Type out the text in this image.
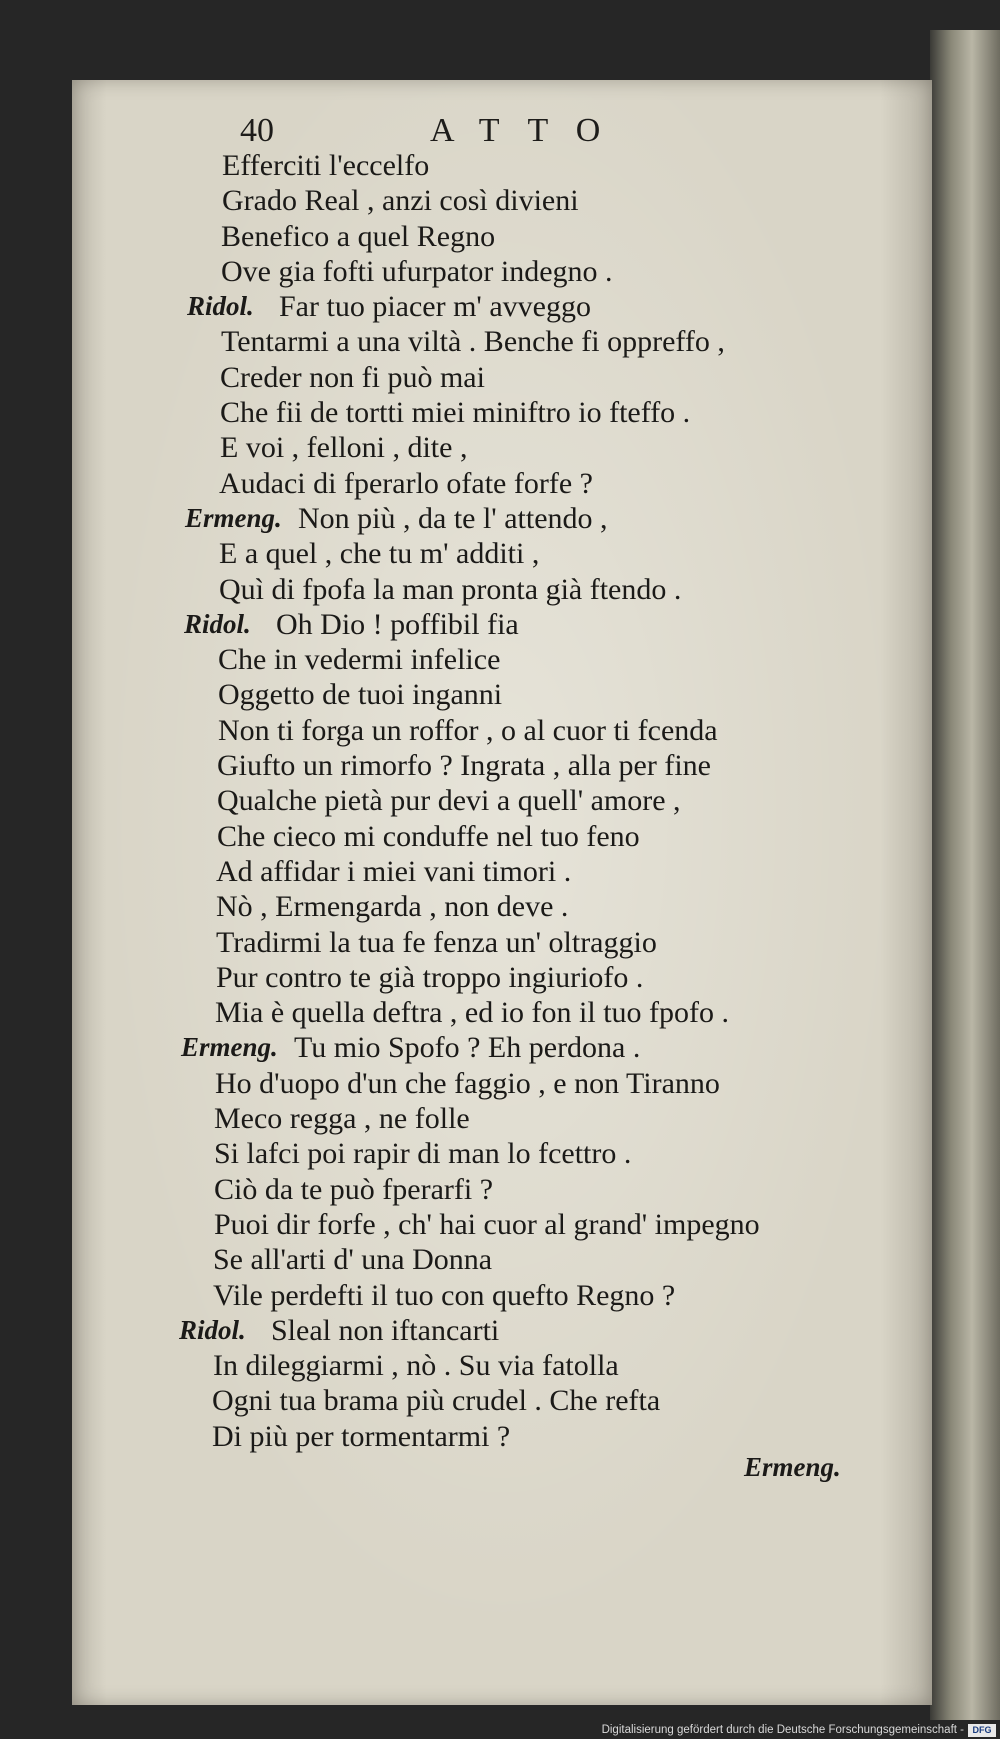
40	ATTO
Efferciti l'eccelfo
Grado Real , anzi così divieni
Benefico a quel Regno
Ove gia fofti ufurpator indegno .
Ridol. Far tuo piacer m' avveggo
Tentarmi a una viltà . Benche fi oppreffo ,
Creder non fi può mai
Che fii de tortti miei miniftro io fteffo .
E voi , felloni , dite ,
Audaci di fperarlo ofate forfe ?
Ermeng. Non più , da te l' attendo ,
E a quel , che tu m' additi ,
Quì di fpofa la man pronta già ftendo .
Ridol. Oh Dio ! poffibil fia
Che in vedermi infelice
Oggetto de tuoi inganni
Non ti forga un roffor , o al cuor ti fcenda
Giufto un rimorfo ? Ingrata , alla per fine
Qualche pietà pur devi a quell' amore ,
Che cieco mi conduffe nel tuo feno
Ad affidar i miei vani timori .
Nò , Ermengarda , non deve .
Tradirmi la tua fe fenza un' oltraggio
Pur contro te già troppo ingiuriofo .
Mia è quella deftra , ed io fon il tuo fpofo .
Ermeng. Tu mio Spofo ? Eh perdona .
Ho d'uopo d'un che faggio , e non Tiranno
Meco regga , ne folle
Si lafci poi rapir di man lo fcettro .
Ciò da te può fperarfi ?
Puoi dir forfe , ch' hai cuor al grand' impegno
Se all'arti d' una Donna
Vile perdefti il tuo con quefto Regno ?
Ridol. Sleal non iftancarti
In dileggiarmi , nò . Su via fatolla
Ogni tua brama più crudel . Che refta
Di più per tormentarmi ?
Ermeng.
Digitalisierung gefördert durch die Deutsche Forschungsgemeinschaft - DFG
